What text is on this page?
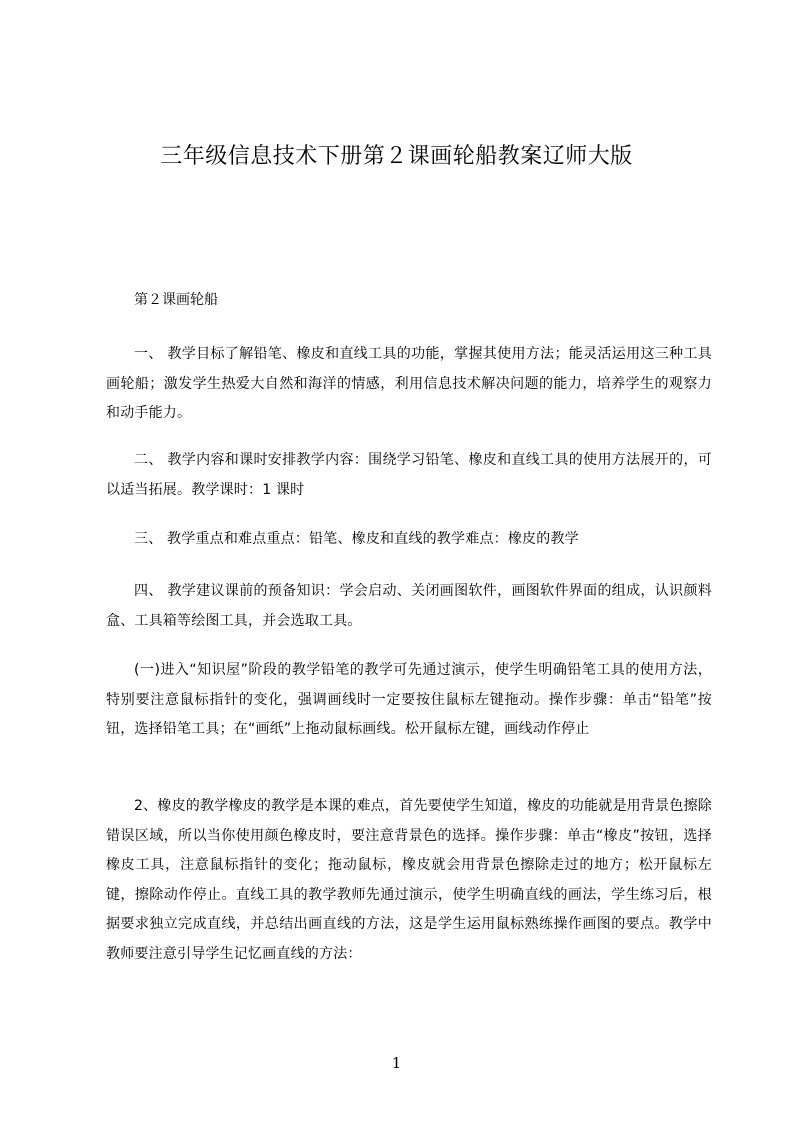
三年级信息技术下册第２课画轮船教案辽师大版
第２课画轮船
一、 教学目标了解铅笔、橡皮和直线工具的功能，掌握其使用方法；能灵活运用这三种工具画轮船；激发学生热爱大自然和海洋的情感，利用信息技术解决问题的能力，培养学生的观察力和动手能力。
二、 教学内容和课时安排教学内容：围绕学习铅笔、橡皮和直线工具的使用方法展开的，可以适当拓展。教学课时：1 课时
三、 教学重点和难点重点：铅笔、橡皮和直线的教学难点：橡皮的教学
四、 教学建议课前的预备知识：学会启动、关闭画图软件，画图软件界面的组成，认识颜料盒、工具箱等绘图工具，并会选取工具。
(一)进入“知识屋”阶段的教学铅笔的教学可先通过演示，使学生明确铅笔工具的使用方法，特别要注意鼠标指针的变化，强调画线时一定要按住鼠标左键拖动。操作步骤：单击“铅笔”按钮，选择铅笔工具；在“画纸”上拖动鼠标画线。松开鼠标左键，画线动作停止
2、橡皮的教学橡皮的教学是本课的难点，首先要使学生知道，橡皮的功能就是用背景色擦除错误区域，所以当你使用颜色橡皮时，要注意背景色的选择。操作步骤：单击“橡皮”按钮，选择橡皮工具，注意鼠标指针的变化；拖动鼠标，橡皮就会用背景色擦除走过的地方；松开鼠标左键，擦除动作停止。直线工具的教学教师先通过演示，使学生明确直线的画法，学生练习后，根据要求独立完成直线，并总结出画直线的方法，这是学生运用鼠标熟练操作画图的要点。教学中教师要注意引导学生记忆画直线的方法：
1
